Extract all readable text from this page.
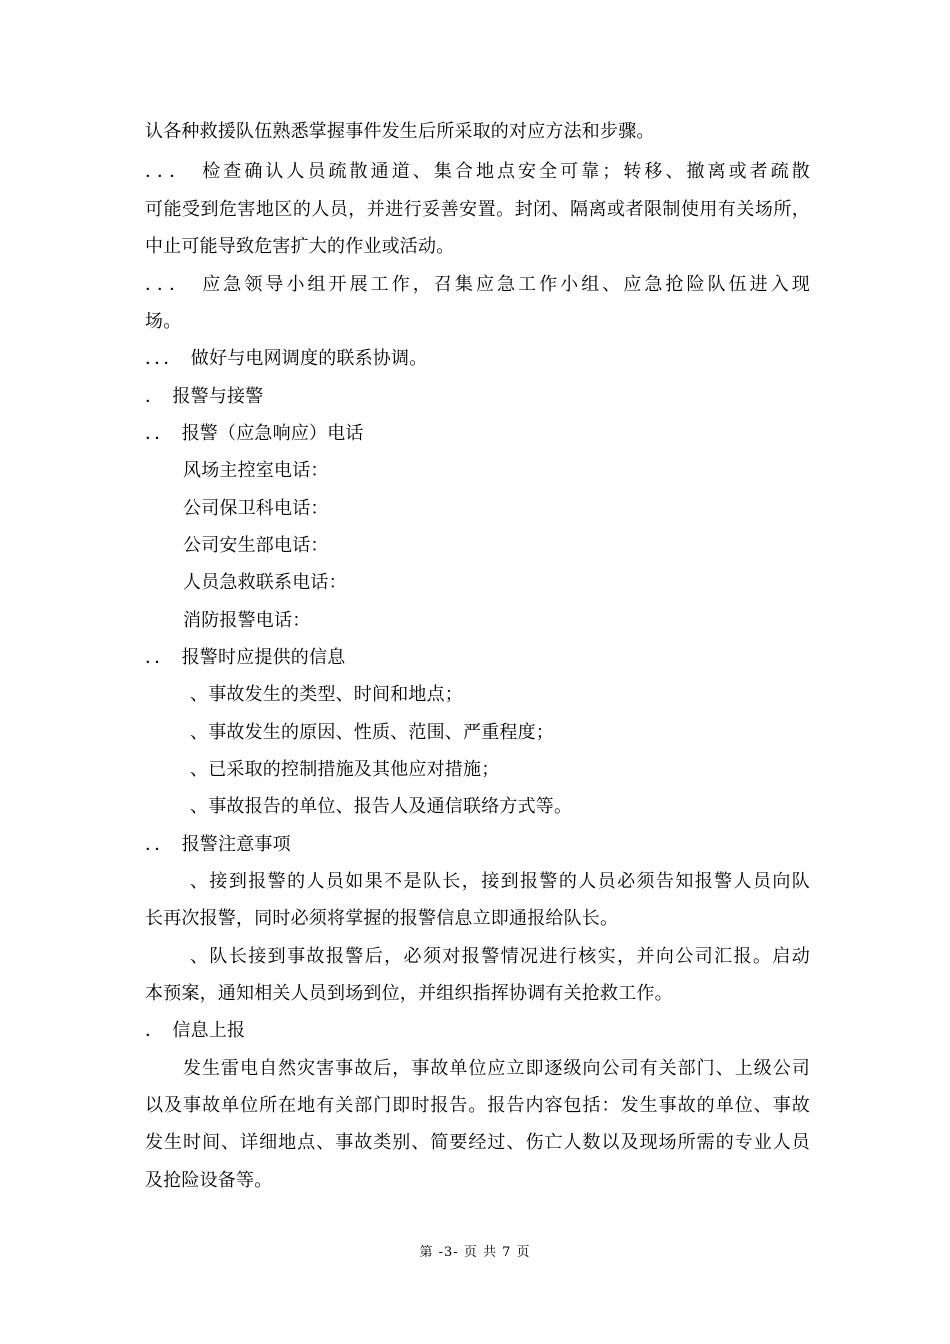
认各种救援队伍熟悉掌握事件发生后所采取的对应方法和步骤。
．．．　检查确认人员疏散通道、集合地点安全可靠；转移、撤离或者疏散
可能受到危害地区的人员，并进行妥善安置。封闭、隔离或者限制使用有关场所，
中止可能导致危害扩大的作业或活动。
．．．　应急领导小组开展工作，召集应急工作小组、应急抢险队伍进入现
场。
．．．　做好与电网调度的联系协调。
．　报警与接警
．．　报警（应急响应）电话
风场主控室电话：
公司保卫科电话：
公司安生部电话：
人员急救联系电话：
消防报警电话：
．．　报警时应提供的信息
、事故发生的类型、时间和地点；
、事故发生的原因、性质、范围、严重程度；
、已采取的控制措施及其他应对措施；
、事故报告的单位、报告人及通信联络方式等。
．．　报警注意事项
、接到报警的人员如果不是队长，接到报警的人员必须告知报警人员向队
长再次报警，同时必须将掌握的报警信息立即通报给队长。
、队长接到事故报警后，必须对报警情况进行核实，并向公司汇报。启动
本预案，通知相关人员到场到位，并组织指挥协调有关抢救工作。
．　信息上报
发生雷电自然灾害事故后，事故单位应立即逐级向公司有关部门、上级公司
以及事故单位所在地有关部门即时报告。报告内容包括：发生事故的单位、事故
发生时间、详细地点、事故类别、简要经过、伤亡人数以及现场所需的专业人员
及抢险设备等。
第 -3- 页 共 7 页
